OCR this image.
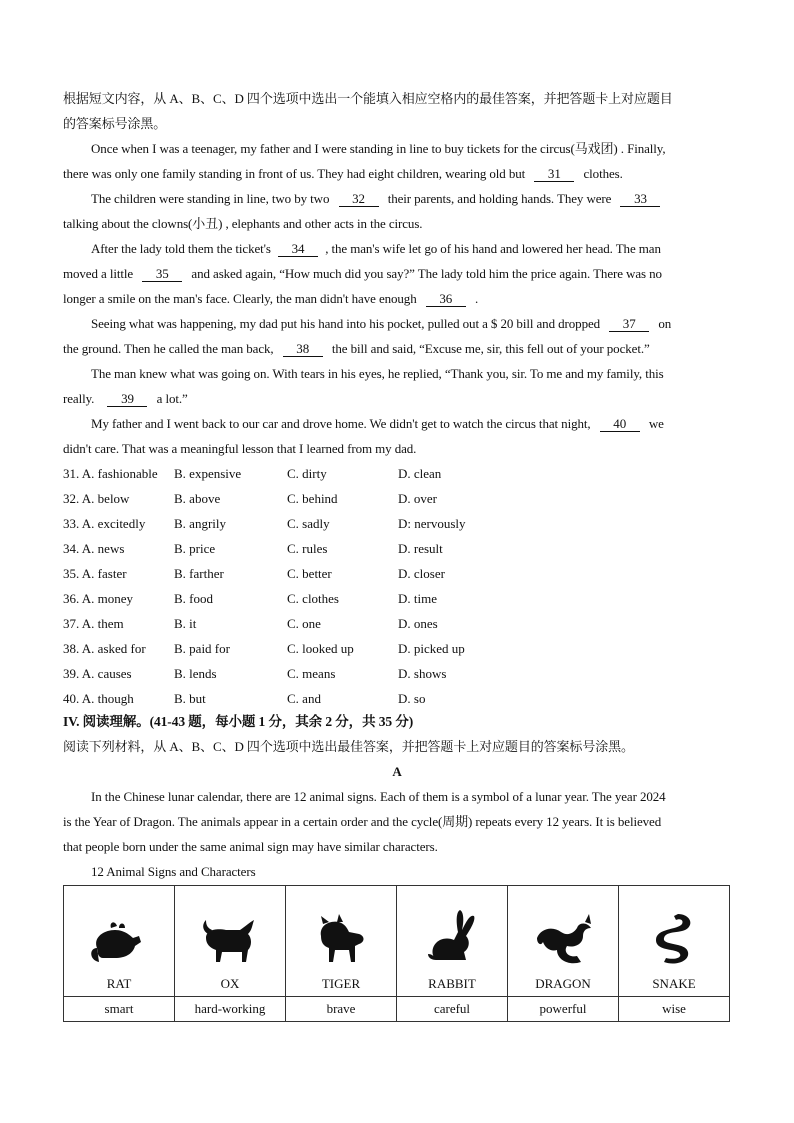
根据短文内容，从 A、B、C、D 四个选项中选出一个能填入相应空格内的最佳答案，并把答题卡上对应题目
的答案标号涂黑。
Once when I was a teenager, my father and I were standing in line to buy tickets for the circus(马戏团) . Finally,
there was only one family standing in front of us. They had eight children, wearing old but 31 clothes.
The children were standing in line, two by two 32 their parents, and holding hands. They were 33
talking about the clowns(小丑) , elephants and other acts in the circus.
After the lady told them the ticket's 34 , the man's wife let go of his hand and lowered her head. The man
moved a little 35 and asked again, “How much did you say?” The lady told him the price again. There was no
longer a smile on the man's face. Clearly, the man didn't have enough 36 .
Seeing what was happening, my dad put his hand into his pocket, pulled out a $ 20 bill and dropped 37 on
the ground. Then he called the man back, 38 the bill and said, “Excuse me, sir, this fell out of your pocket.”
The man knew what was going on. With tears in his eyes, he replied, “Thank you, sir. To me and my family, this
really. 39 a lot.”
My father and I went back to our car and drove home. We didn't get to watch the circus that night, 40 we
didn't care. That was a meaningful lesson that I learned from my dad.
31. A. fashionable B. expensive	C. dirty	D. clean
32. A. below	B. above	C. behind	D. over
33. A. excitedly B. angrily	C. sadly	D: nervously
34. A. news	B. price	C. rules	D. result
35. A. faster	B. farther	C. better	D. closer
36. A. money	B. food	C. clothes	D. time
37. A. them	B. it	C. one	D. ones
38. A. asked for B. paid for	C. looked up	D. picked up
39. A. causes	B. lends	C. means	D. shows
40. A. though	B. but	C. and	D. so
IV. 阅读理解。(41-43 题，每小题 1 分，其余 2 分，共 35 分)
阅读下列材料，从 A、B、C、D 四个选项中选出最佳答案，并把答题卡上对应题目的答案标号涂黑。
A
In the Chinese lunar calendar, there are 12 animal signs. Each of them is a symbol of a lunar year. The year 2024
is the Year of Dragon. The animals appear in a certain order and the cycle(周期) repeats every 12 years. It is believed
that people born under the same animal sign may have similar characters.
12 Animal Signs and Characters
RAT	OX	TIGER	RABBIT	DRAGON	SNAKE

smart	hard-working	brave	careful	powerful	wise
